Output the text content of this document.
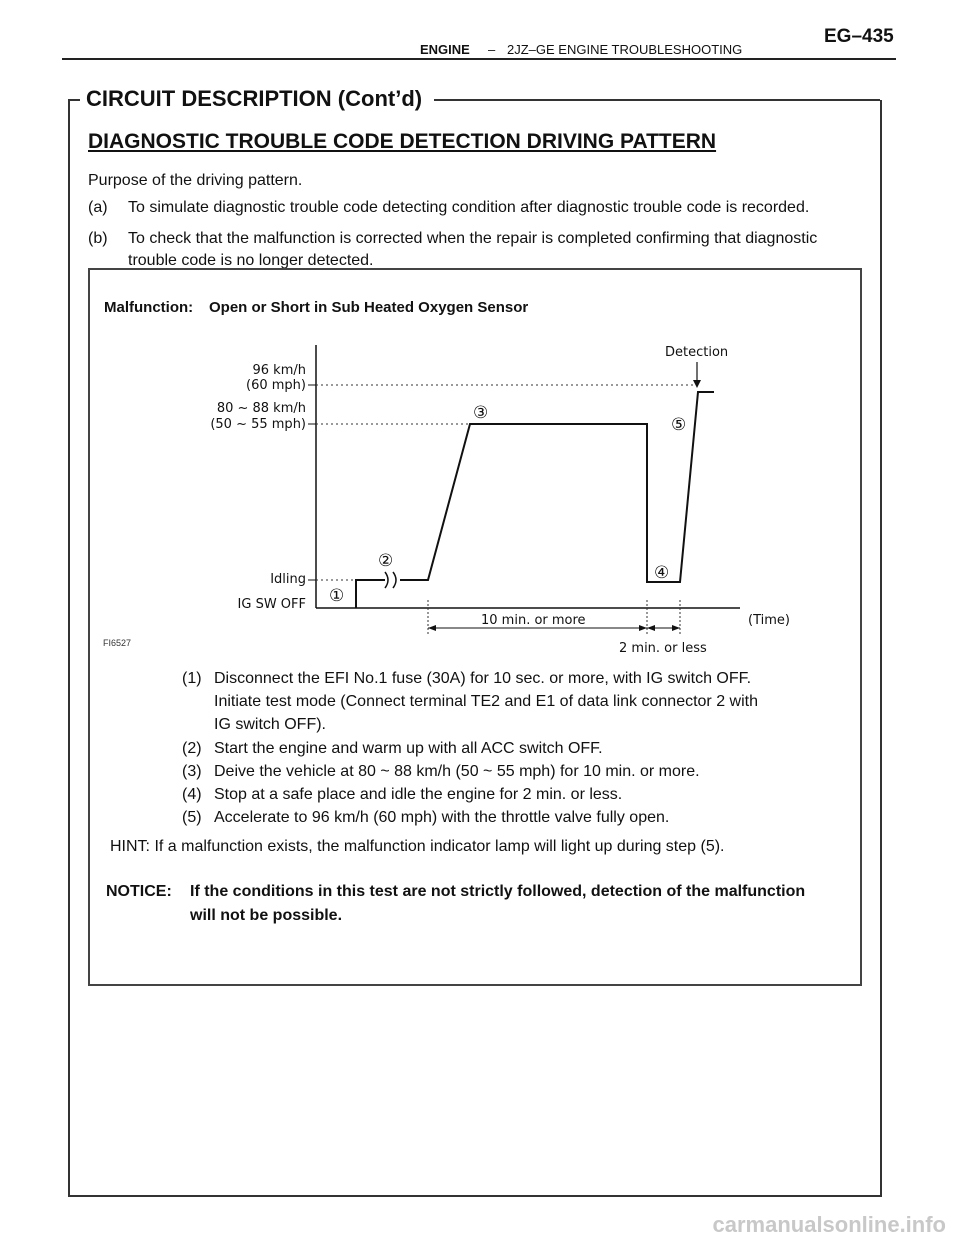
ENGINE – 2JZ–GE ENGINE TROUBLESHOOTING
EG–435
CIRCUIT DESCRIPTION (Cont’d)
DIAGNOSTIC TROUBLE CODE DETECTION DRIVING PATTERN
Purpose of the driving pattern.
(a) To simulate diagnostic trouble code detecting condition after diagnostic trouble code is recorded.
(b) To check that the malfunction is corrected when the repair is completed confirming that diagnostic
trouble code is no longer detected.
Malfunction: Open or Short in Sub Heated Oxygen Sensor
96 km/h
(60 mph)
80 ~ 88 km/h
(50 ~ 55 mph)
Idling
IG SW OFF
Detection
①
②
③
④
⑤
10 min. or more
2 min. or less
(Time)
FI6527
(1) Disconnect the EFI No.1 fuse (30A) for 10 sec. or more, with IG switch OFF.
Initiate test mode (Connect terminal TE2 and E1 of data link connector 2 with
IG switch OFF).
(2) Start the engine and warm up with all ACC switch OFF.
(3) Deive the vehicle at 80 ~ 88 km/h (50 ~ 55 mph) for 10 min. or more.
(4) Stop at a safe place and idle the engine for 2 min. or less.
(5) Accelerate to 96 km/h (60 mph) with the throttle valve fully open.
HINT: If a malfunction exists, the malfunction indicator lamp will light up during step (5).
NOTICE: If the conditions in this test are not strictly followed, detection of the malfunction
will not be possible.
carmanualsonline.info
